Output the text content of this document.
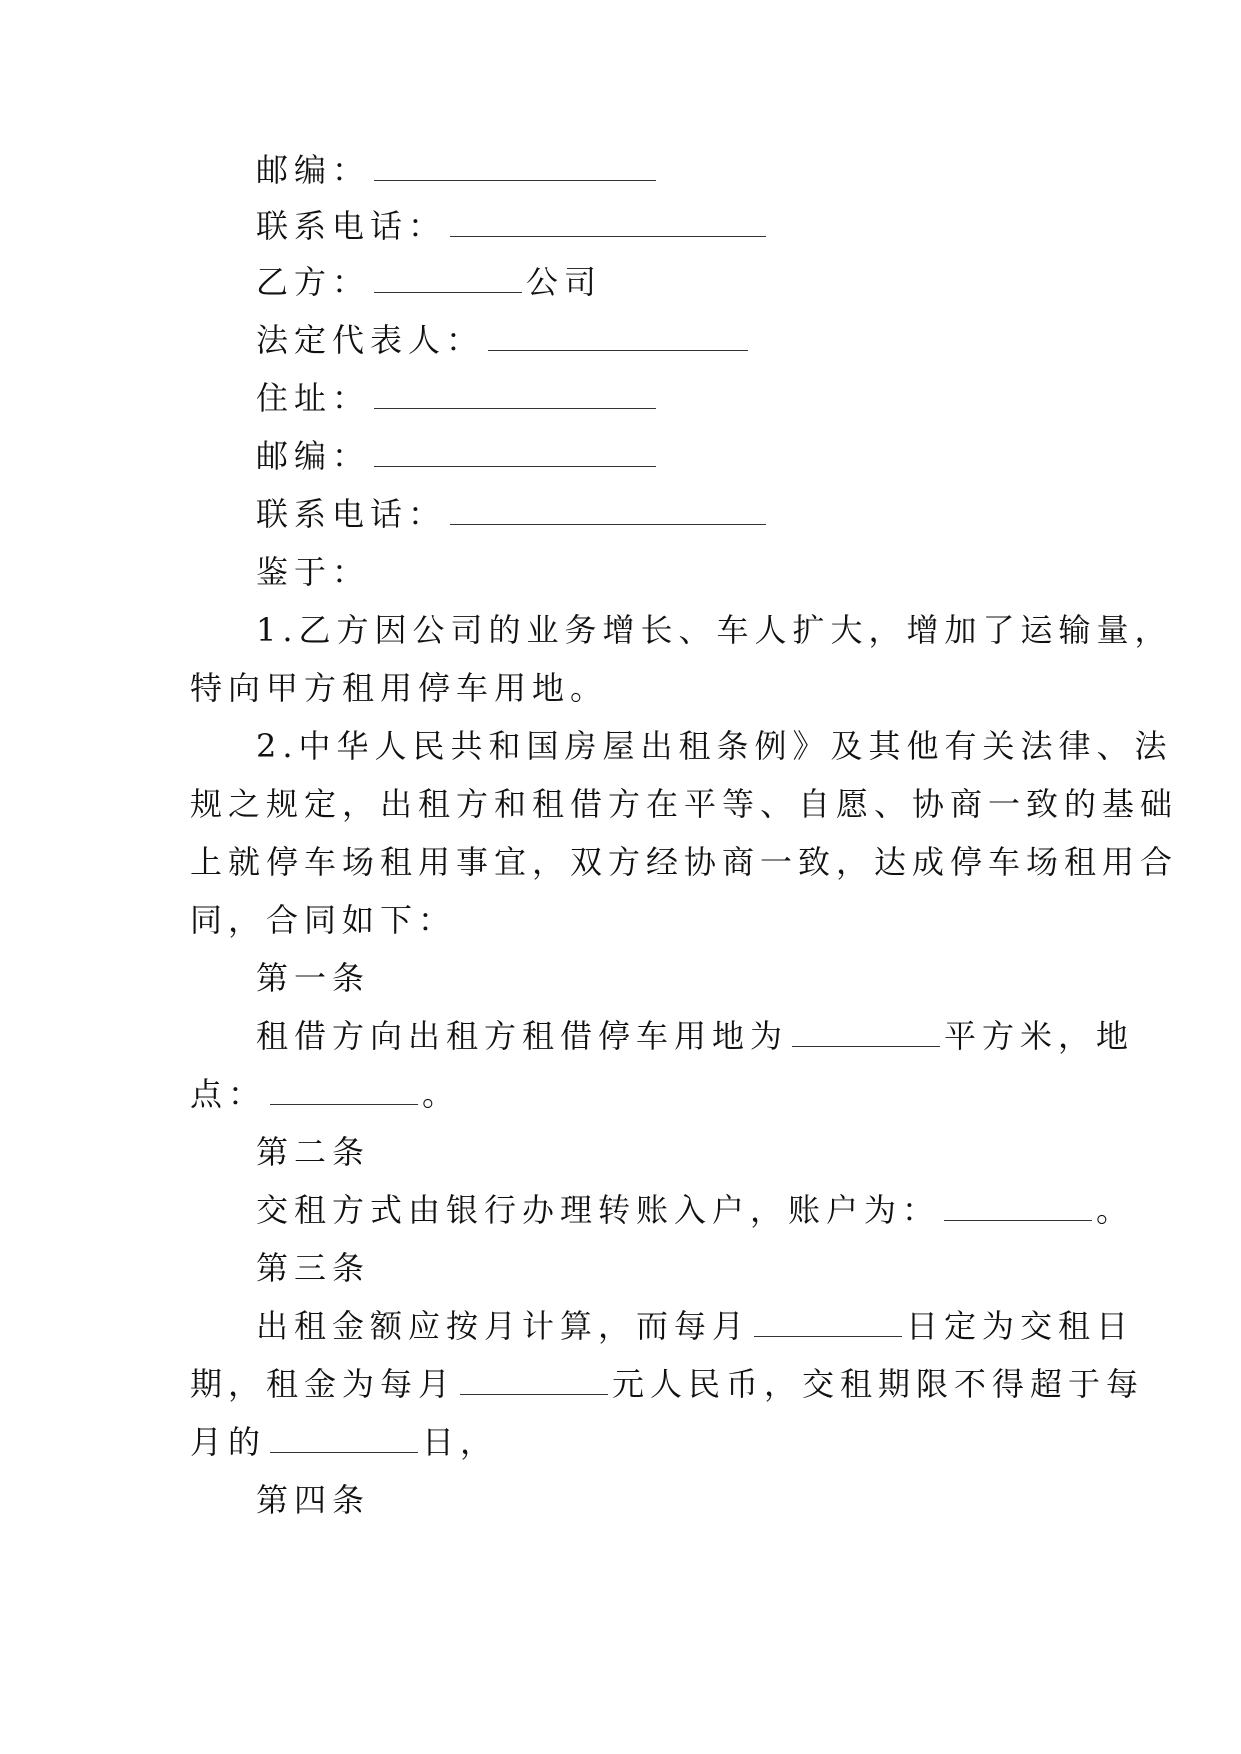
邮编：
联系电话：
乙方：	公司
法定代表人：
住址：
邮编：
联系电话：
鉴于：
1.乙方因公司的业务增长、车人扩大，增加了运输量，
特向甲方租用停车用地。
2.中华人民共和国房屋出租条例》及其他有关法律、法
规之规定，出租方和租借方在平等、自愿、协商一致的基础
上就停车场租用事宜，双方经协商一致，达成停车场租用合
同，合同如下：
第一条
租借方向出租方租借停车用地为	平方米，地
点：	。
第二条
交租方式由银行办理转账入户，账户为：	。
第三条
出租金额应按月计算，而每月	日定为交租日
期，租金为每月	元人民币，交租期限不得超于每
月的	日，
第四条
